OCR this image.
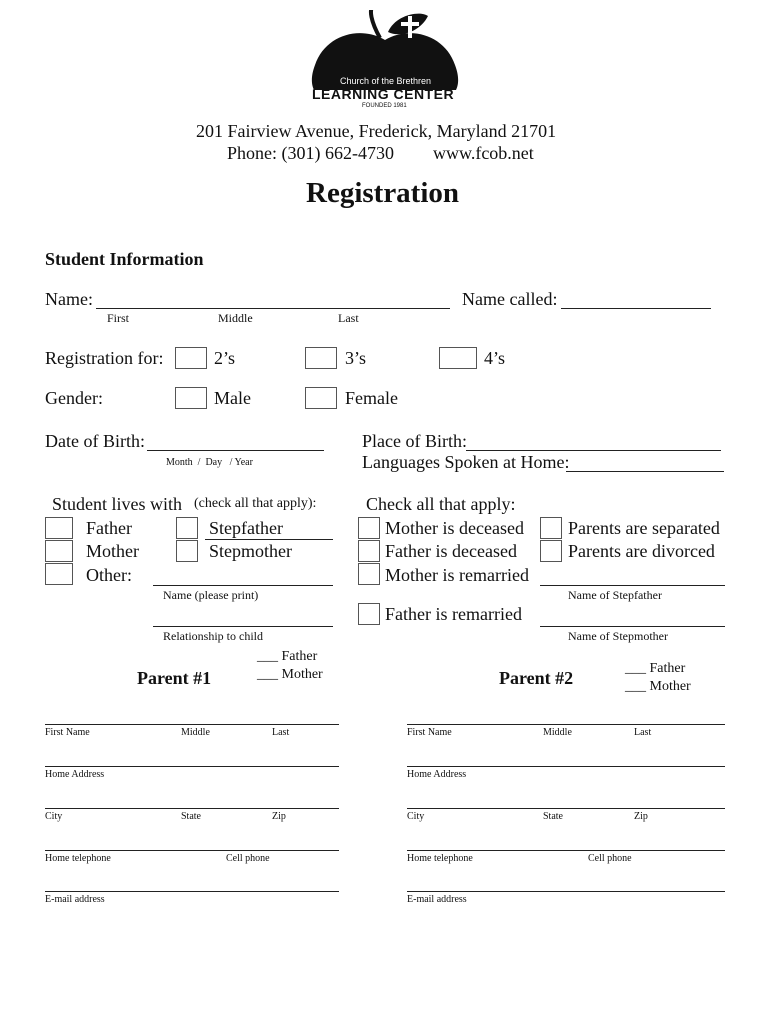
Church of the Brethren
LEARNING CENTER
FOUNDED 1981
201 Fairview Avenue, Frederick, Maryland 21701
Phone: (301) 662-4730 www.fcob.net
Registration
Student Information
Name:	Name called:
First	Middle	Last
Registration for:	2’s	3’s	4’s
Gender:	Male	Female
Date of Birth:
Month  /  Day   / Year
Place of Birth:
Languages Spoken at Home:
Student lives with (check all that apply):
Father
Mother
Other:
Stepfather
Stepmother
Name (please print)
Relationship to child
Check all that apply:
Mother is deceased
Father is deceased
Mother is remarried
Father is remarried
Parents are separated
Parents are divorced
Name of Stepfather
Name of Stepmother
Parent #1
___ Father
___ Mother
First Name	Middle	Last
Home Address
City	State	Zip
Home telephone	Cell phone
E-mail address
Parent #2	___ Father
___ Mother
First Name	Middle	Last
Home Address
City	State	Zip
Home telephone	Cell phone
E-mail address
